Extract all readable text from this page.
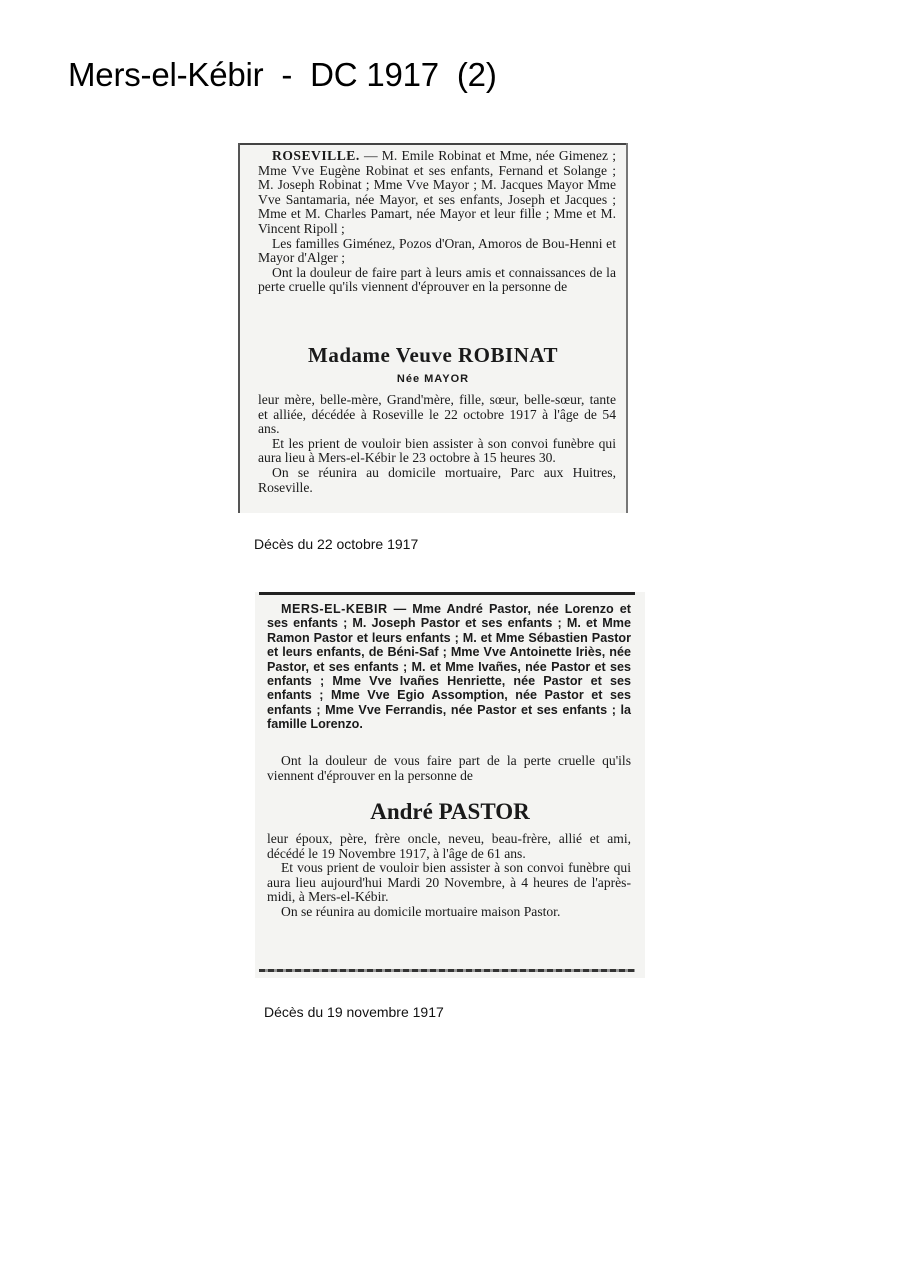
Mers-el-Kébir  -  DC 1917  (2)

ROSEVILLE. — M. Emile Robinat et Mme, née Gimenez ; Mme Vve Eugène Robinat et ses enfants, Fernand et Solange ; M. Joseph Robinat ; Mme Vve Mayor ; M. Jacques Mayor Mme Vve Santamaria, née Mayor, et ses enfants, Joseph et Jacques ; Mme et M. Charles Pamart, née Mayor et leur fille ; Mme et M. Vincent Ripoll ;

Les familles Giménez, Pozos d'Oran, Amoros de Bou-Henni et Mayor d'Alger ;

Ont la douleur de faire part à leurs amis et connaissances de la perte cruelle qu'ils viennent d'éprouver en la personne de

Madame Veuve ROBINAT
Née MAYOR

leur mère, belle-mère, Grand'mère, fille, sœur, belle-sœur, tante et alliée, décédée à Roseville le 22 octobre 1917 à l'âge de 54 ans.

Et les prient de vouloir bien assister à son convoi funèbre qui aura lieu à Mers-el-Kébir le 23 octobre à 15 heures 30.

On se réunira au domicile mortuaire, Parc aux Huitres, Roseville.

Décès du 22 octobre 1917

MERS-EL-KEBIR — Mme André Pastor, née Lorenzo et ses enfants ; M. Joseph Pastor et ses enfants ; M. et Mme Ramon Pastor et leurs enfants ; M. et Mme Sébastien Pastor et leurs enfants, de Béni-Saf ; Mme Vve Antoinette Iriès, née Pastor, et ses enfants ; M. et Mme Ivañes, née Pastor et ses enfants ; Mme Vve Ivañes Henriette, née Pastor et ses enfants ; Mme Vve Egio Assomption, née Pastor et ses enfants ; Mme Vve Ferrandis, née Pastor et ses enfants ; la famille Lorenzo.

Ont la douleur de vous faire part de la perte cruelle qu'ils viennent d'éprouver en la personne de

André PASTOR

leur époux, père, frère oncle, neveu, beau-frère, allié et ami, décédé le 19 Novembre 1917, à l'âge de 61 ans.

Et vous prient de vouloir bien assister à son convoi funèbre qui aura lieu aujourd'hui Mardi 20 Novembre, à 4 heures de l'après-midi, à Mers-el-Kébir.

On se réunira au domicile mortuaire maison Pastor.

Décès du 19 novembre 1917
